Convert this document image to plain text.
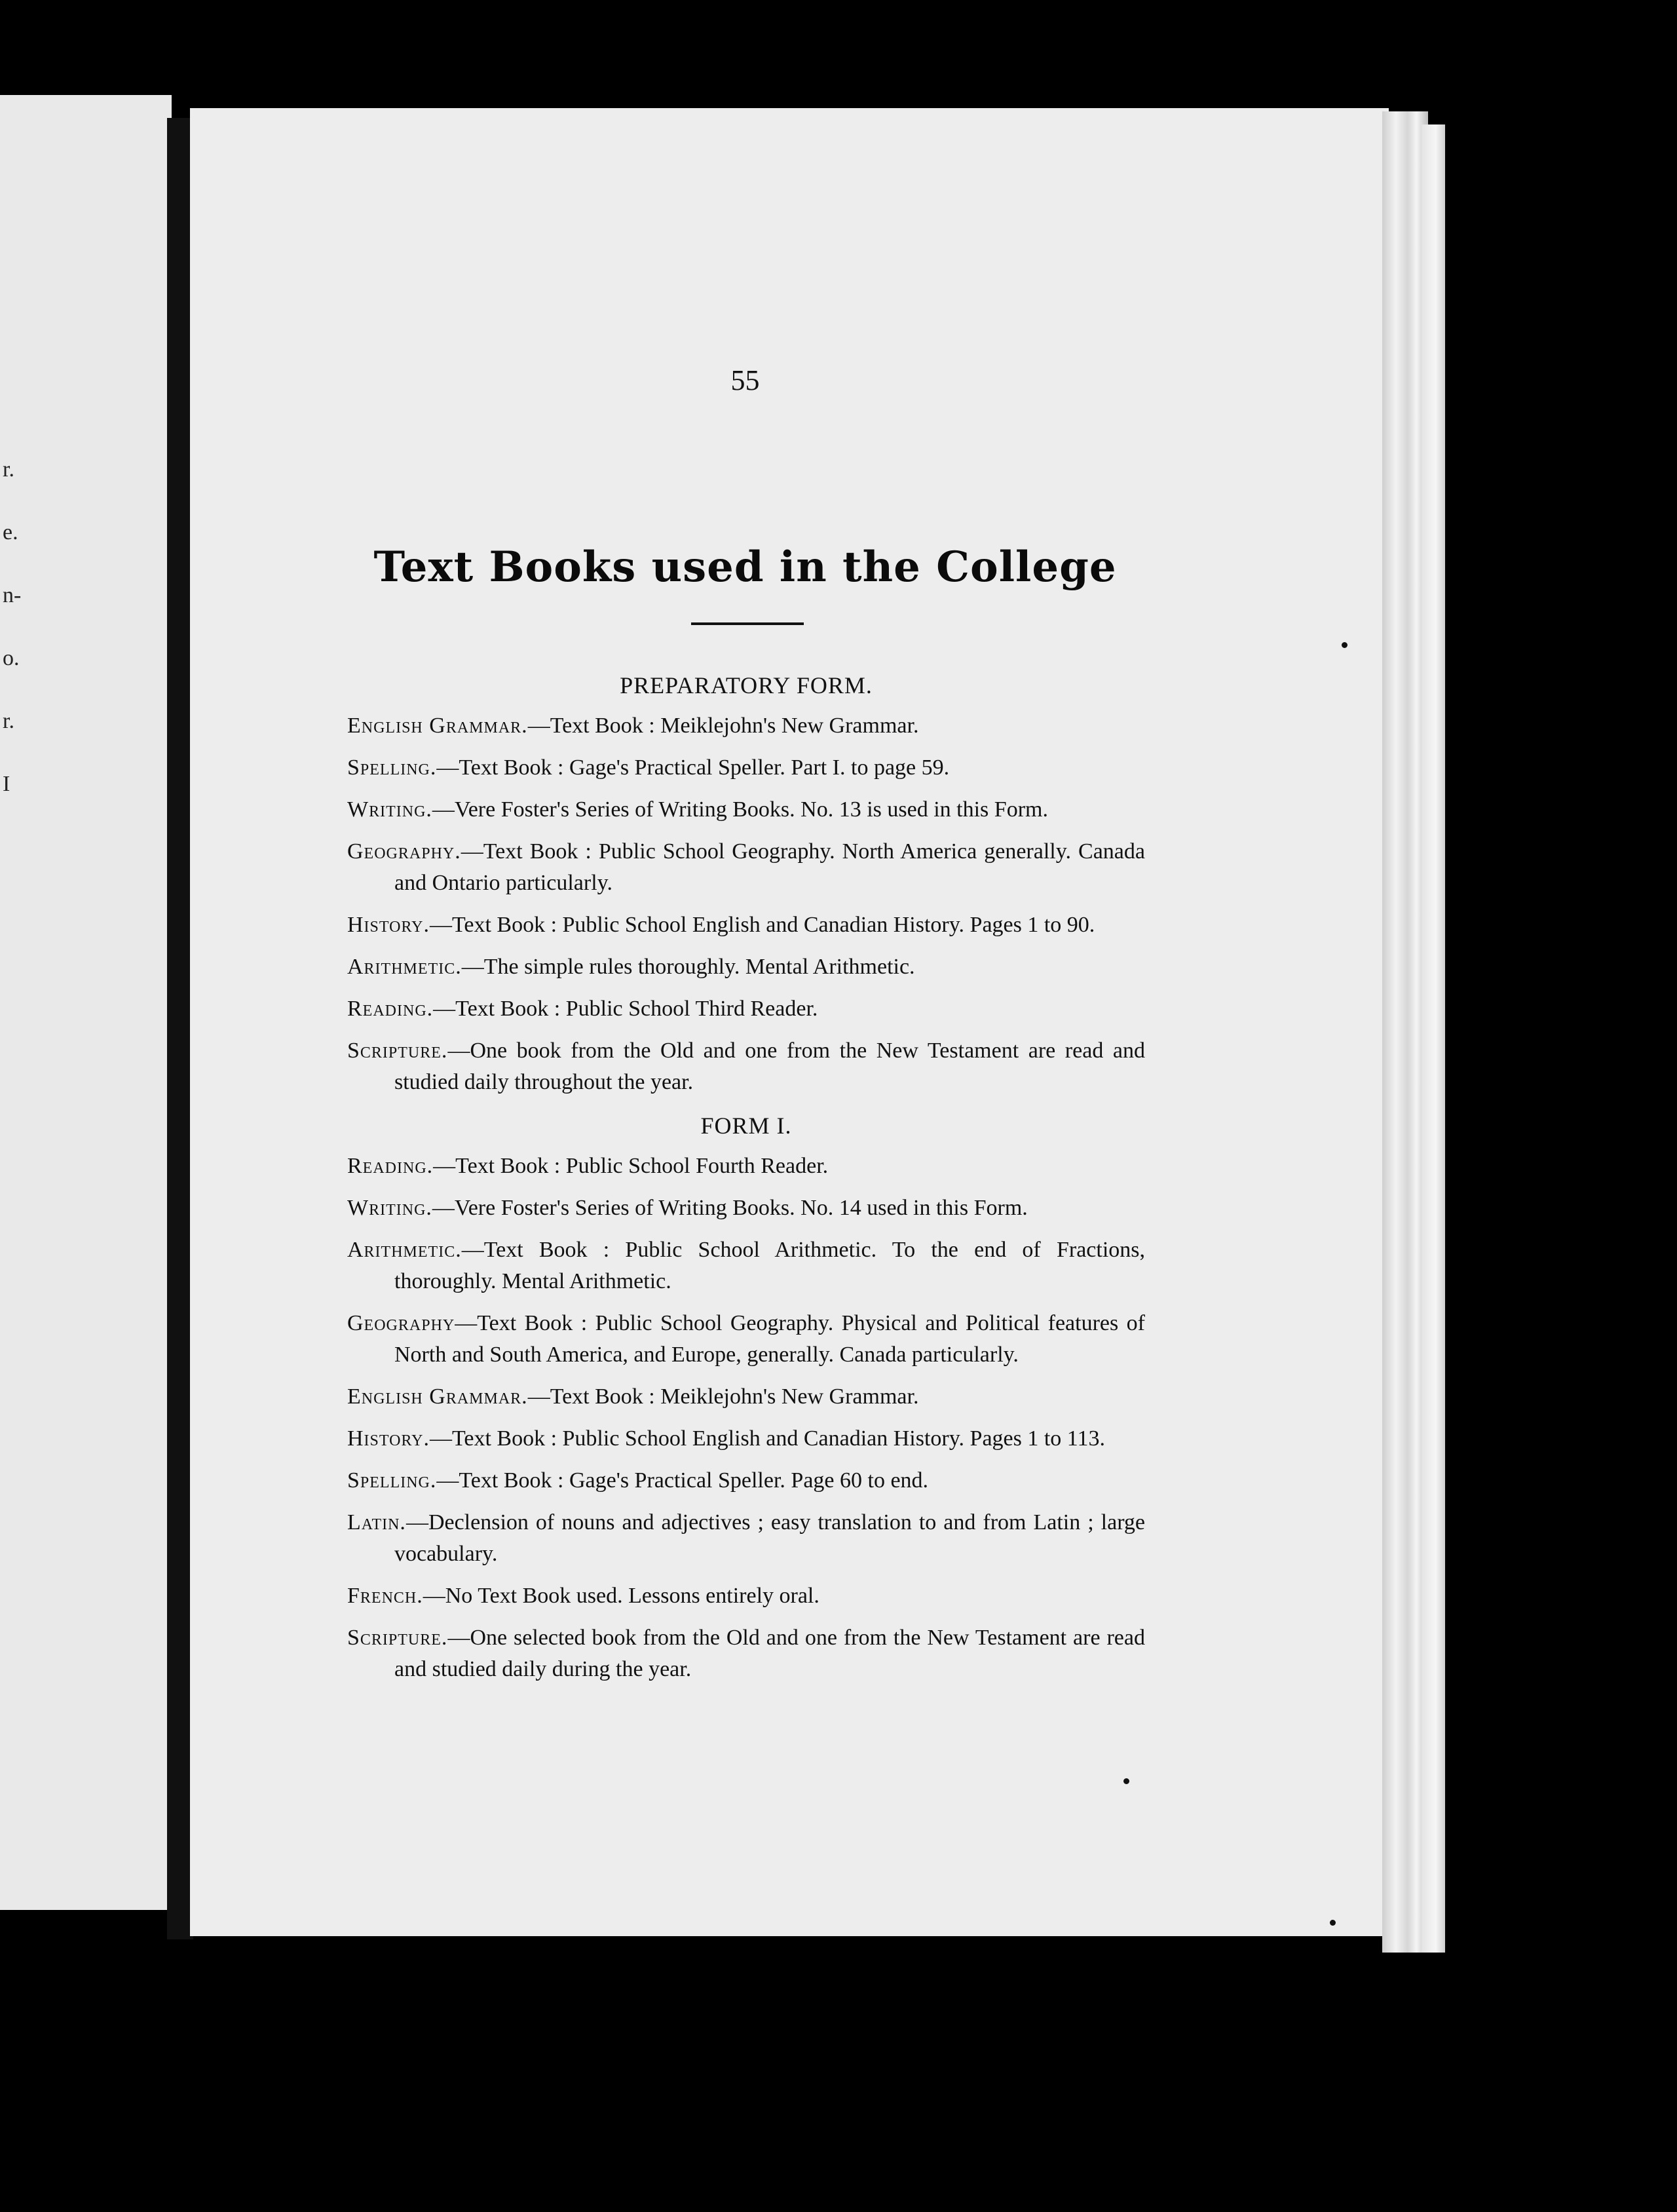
r.
e.
n-
o.
r.
I
55
Text Books used in the College
PREPARATORY FORM.
English Grammar.—Text Book : Meiklejohn's New Grammar.
Spelling.—Text Book : Gage's Practical Speller. Part I. to page 59.
Writing.—Vere Foster's Series of Writing Books. No. 13 is used in this Form.
Geography.—Text Book : Public School Geography. North America generally. Canada and Ontario particularly.
History.—Text Book : Public School English and Canadian History. Pages 1 to 90.
Arithmetic.—The simple rules thoroughly. Mental Arithmetic.
Reading.—Text Book : Public School Third Reader.
Scripture.—One book from the Old and one from the New Testament are read and studied daily throughout the year.
FORM I.
Reading.—Text Book : Public School Fourth Reader.
Writing.—Vere Foster's Series of Writing Books. No. 14 used in this Form.
Arithmetic.—Text Book : Public School Arithmetic. To the end of Fractions, thoroughly. Mental Arithmetic.
Geography—Text Book : Public School Geography. Physical and Political features of North and South America, and Europe, generally. Canada particularly.
English Grammar.—Text Book : Meiklejohn's New Grammar.
History.—Text Book : Public School English and Canadian History. Pages 1 to 113.
Spelling.—Text Book : Gage's Practical Speller. Page 60 to end.
Latin.—Declension of nouns and adjectives ; easy translation to and from Latin ; large vocabulary.
French.—No Text Book used. Lessons entirely oral.
Scripture.—One selected book from the Old and one from the New Testament are read and studied daily during the year.
